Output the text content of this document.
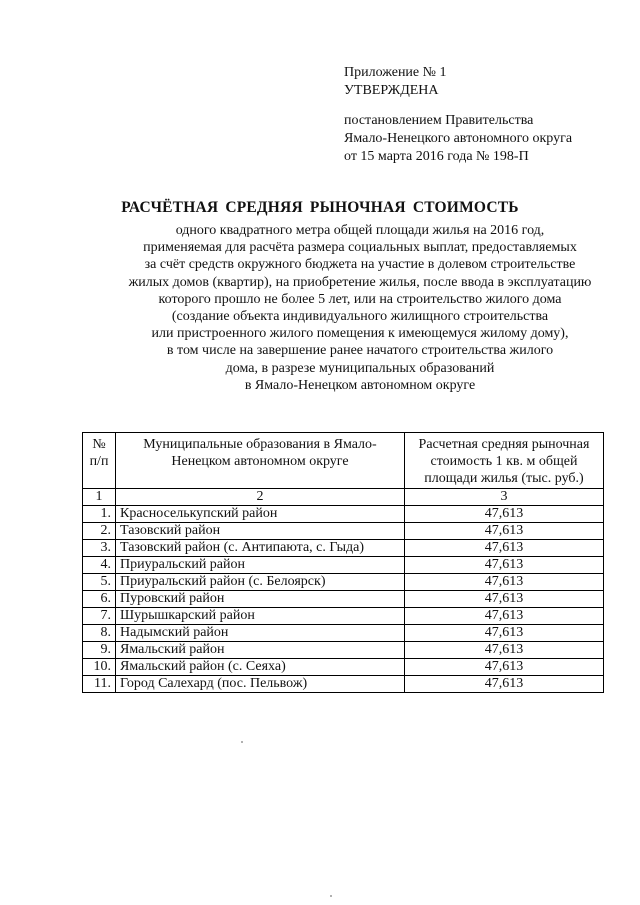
Приложение № 1
УТВЕРЖДЕНА
постановлением Правительства
Ямало-Ненецкого автономного округа
от 15 марта 2016 года № 198-П
РАСЧЁТНАЯ СРЕДНЯЯ РЫНОЧНАЯ СТОИМОСТЬ
одного квадратного метра общей площади жилья на 2016 год,
применяемая для расчёта размера социальных выплат, предоставляемых
за счёт средств окружного бюджета на участие в долевом строительстве
жилых домов (квартир), на приобретение жилья, после ввода в эксплуатацию
которого прошло не более 5 лет, или на строительство жилого дома
(создание объекта индивидуального жилищного строительства
или пристроенного жилого помещения к имеющемуся жилому дому),
в том числе на завершение ранее начатого строительства жилого
дома, в разрезе муниципальных образований
в Ямало-Ненецком автономном округе
№ п/п	Муниципальные образования в Ямало-Ненецком автономном округе	Расчетная средняя рыночная стоимость 1 кв. м общей площади жилья (тыс. руб.)
1	2	3
1.	Красноселькупский район	47,613
2.	Тазовский район	47,613
3.	Тазовский район (с. Антипаюта, с. Гыда)	47,613
4.	Приуральский район	47,613
5.	Приуральский район (с. Белоярск)	47,613
6.	Пуровский район	47,613
7.	Шурышкарский район	47,613
8.	Надымский район	47,613
9.	Ямальский район	47,613
10.	Ямальский район (с. Сеяха)	47,613
11.	Город Салехард (пос. Пельвож)	47,613
